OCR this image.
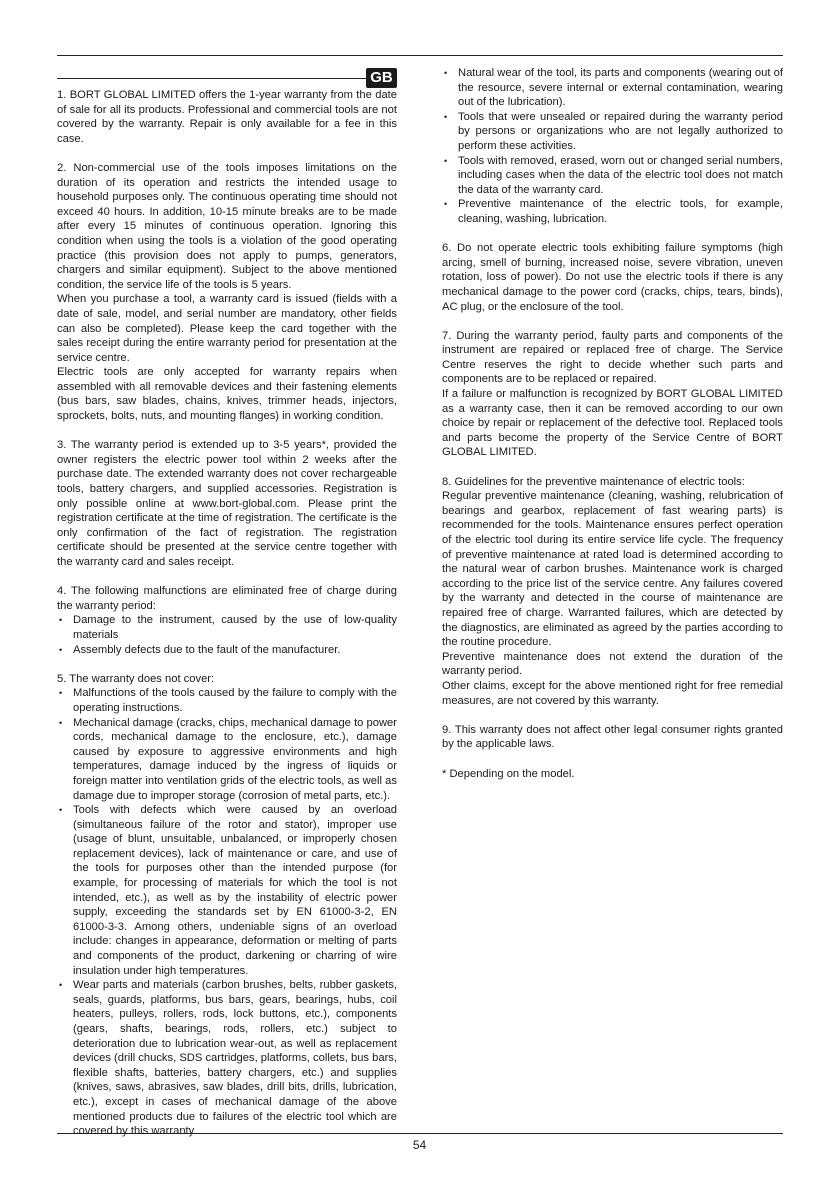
GB

1. BORT GLOBAL LIMITED offers the 1-year warranty from the date of sale for all its products. Professional and commercial tools are not covered by the warranty. Repair is only available for a fee in this case.

2. Non-commercial use of the tools imposes limitations on the duration of its operation and restricts the intended usage to household purposes only. The continuous operating time should not exceed 40 hours. In addition, 10-15 minute breaks are to be made after every 15 minutes of continuous operation. Ignoring this condition when using the tools is a violation of the good operating practice (this provision does not apply to pumps, generators, chargers and similar equipment). Subject to the above mentioned condition, the service life of the tools is 5 years.

When you purchase a tool, a warranty card is issued (fields with a date of sale, model, and serial number are mandatory, other fields can also be completed). Please keep the card together with the sales receipt during the entire warranty period for presentation at the service centre.

Electric tools are only accepted for warranty repairs when assembled with all removable devices and their fastening elements (bus bars, saw blades, chains, knives, trimmer heads, injectors, sprockets, bolts, nuts, and mounting flanges) in working condition.

3. The warranty period is extended up to 3-5 years*, provided the owner registers the electric power tool within 2 weeks after the purchase date. The extended warranty does not cover rechargeable tools, battery chargers, and supplied accessories. Registration is only possible online at www.bort-global.com. Please print the registration certificate at the time of registration. The certificate is the only confirmation of the fact of registration. The registration certificate should be presented at the service centre together with the warranty card and sales receipt.

4. The following malfunctions are eliminated free of charge during the warranty period:

• Damage to the instrument, caused by the use of low-quality materials
• Assembly defects due to the fault of the manufacturer.

5. The warranty does not cover:

• Malfunctions of the tools caused by the failure to comply with the operating instructions.
• Mechanical damage (cracks, chips, mechanical damage to power cords, mechanical damage to the enclosure, etc.), damage caused by exposure to aggressive environments and high temperatures, damage induced by the ingress of liquids or foreign matter into ventilation grids of the electric tools, as well as damage due to improper storage (corrosion of metal parts, etc.).
• Tools with defects which were caused by an overload (simultaneous failure of the rotor and stator), improper use (usage of blunt, unsuitable, unbalanced, or improperly chosen replacement devices), lack of maintenance or care, and use of the tools for purposes other than the intended purpose (for example, for processing of materials for which the tool is not intended, etc.), as well as by the instability of electric power supply, exceeding the standards set by EN 61000-3-2, EN 61000-3-3. Among others, undeniable signs of an overload include: changes in appearance, deformation or melting of parts and components of the product, darkening or charring of wire insulation under high temperatures.
• Wear parts and materials (carbon brushes, belts, rubber gaskets, seals, guards, platforms, bus bars, gears, bearings, hubs, coil heaters, pulleys, rollers, rods, lock buttons, etc.), components (gears, shafts, bearings, rods, rollers, etc.) subject to deterioration due to lubrication wear-out, as well as replacement devices (drill chucks, SDS cartridges, platforms, collets, bus bars, flexible shafts, batteries, battery chargers, etc.) and supplies (knives, saws, abrasives, saw blades, drill bits, drills, lubrication, etc.), except in cases of mechanical damage of the above mentioned products due to failures of the electric tool which are covered by this warranty.
• Natural wear of the tool, its parts and components (wearing out of the resource, severe internal or external contamination, wearing out of the lubrication).
• Tools that were unsealed or repaired during the warranty period by persons or organizations who are not legally authorized to perform these activities.
• Tools with removed, erased, worn out or changed serial numbers, including cases when the data of the electric tool does not match the data of the warranty card.
• Preventive maintenance of the electric tools, for example, cleaning, washing, lubrication.

6. Do not operate electric tools exhibiting failure symptoms (high arcing, smell of burning, increased noise, severe vibration, uneven rotation, loss of power). Do not use the electric tools if there is any mechanical damage to the power cord (cracks, chips, tears, binds), AC plug, or the enclosure of the tool.

7. During the warranty period, faulty parts and components of the instrument are repaired or replaced free of charge. The Service Centre reserves the right to decide whether such parts and components are to be replaced or repaired.

If a failure or malfunction is recognized by BORT GLOBAL LIMITED as a warranty case, then it can be removed according to our own choice by repair or replacement of the defective tool. Replaced tools and parts become the property of the Service Centre of BORT GLOBAL LIMITED.

8. Guidelines for the preventive maintenance of electric tools:

Regular preventive maintenance (cleaning, washing, relubrication of bearings and gearbox, replacement of fast wearing parts) is recommended for the tools. Maintenance ensures perfect operation of the electric tool during its entire service life cycle. The frequency of preventive maintenance at rated load is determined according to the natural wear of carbon brushes. Maintenance work is charged according to the price list of the service centre. Any failures covered by the warranty and detected in the course of maintenance are repaired free of charge. Warranted failures, which are detected by the diagnostics, are eliminated as agreed by the parties according to the routine procedure.

Preventive maintenance does not extend the duration of the warranty period.

Other claims, except for the above mentioned right for free remedial measures, are not covered by this warranty.

9. This warranty does not affect other legal consumer rights granted by the applicable laws.

* Depending on the model.

54
